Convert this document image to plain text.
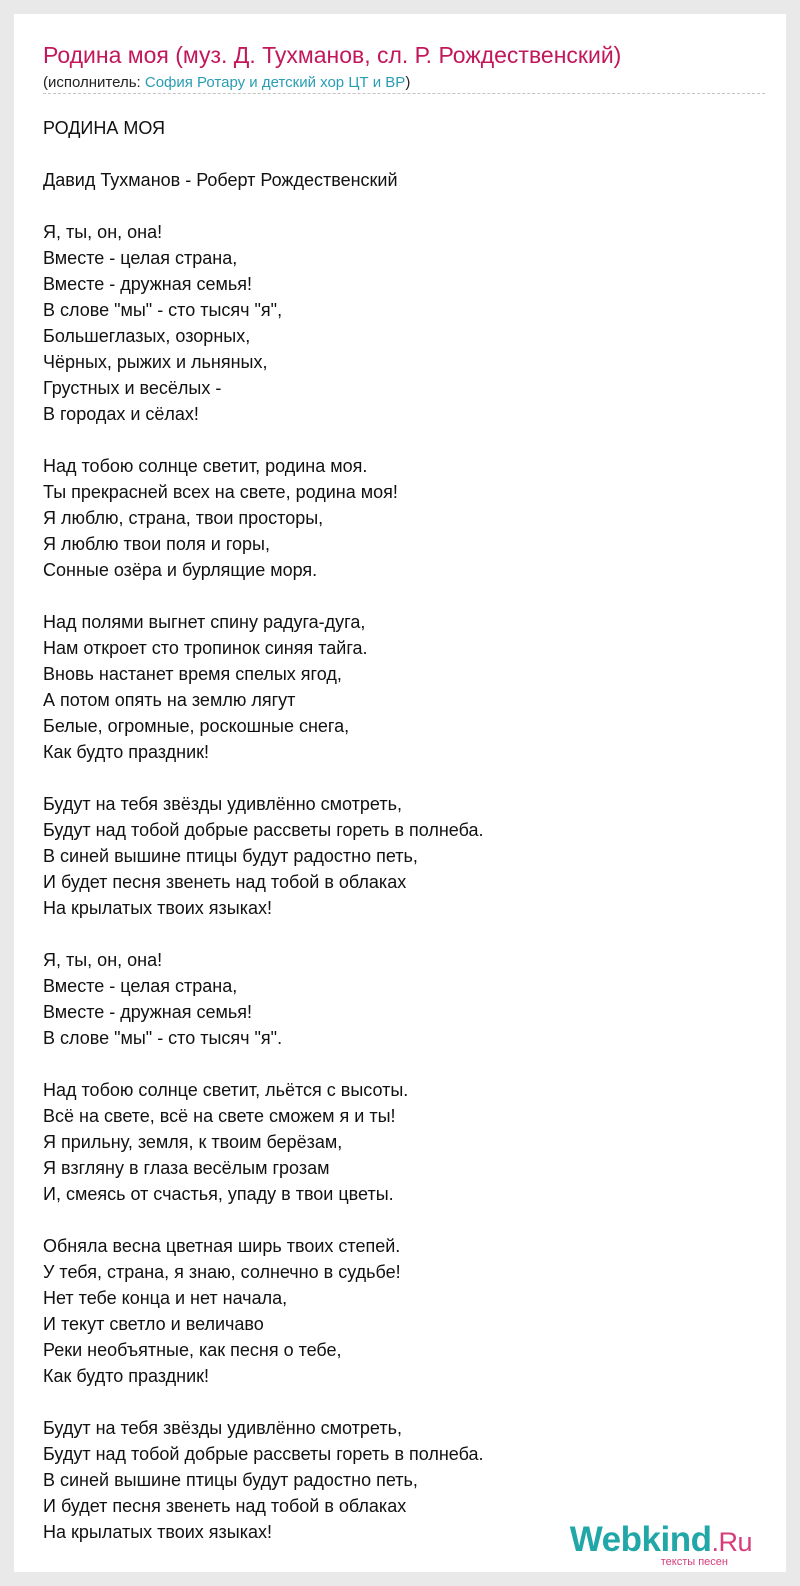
Родина моя (муз. Д. Тухманов, сл. Р. Рождественский)
(исполнитель: София Ротару и детский хор ЦТ и ВР)
РОДИНА МОЯ
Давид Тухманов - Роберт Рождественский
Я, ты, он, она!
Вместе - целая страна,
Вместе - дружная семья!
В слове "мы" - сто тысяч "я",
Большеглазых, озорных,
Чёрных, рыжих и льняных,
Грустных и весёлых -
В городах и сёлах!
Над тобою солнце светит, родина моя.
Ты прекрасней всех на свете, родина моя!
Я люблю, страна, твои просторы,
Я люблю твои поля и горы,
Сонные озёра и бурлящие моря.
Над полями выгнет спину радуга-дуга,
Нам откроет сто тропинок синяя тайга.
Вновь настанет время спелых ягод,
А потом опять на землю лягут
Белые, огромные, роскошные снега,
Как будто праздник!
Будут на тебя звёзды удивлённо смотреть,
Будут над тобой добрые рассветы гореть в полнеба.
В синей вышине птицы будут радостно петь,
И будет песня звенеть над тобой в облаках
На крылатых твоих языках!
Я, ты, он, она!
Вместе - целая страна,
Вместе - дружная семья!
В слове "мы" - сто тысяч "я".
Над тобою солнце светит, льётся с высоты.
Всё на свете, всё на свете сможем я и ты!
Я прильну, земля, к твоим берёзам,
Я взгляну в глаза весёлым грозам
И, смеясь от счастья, упаду в твои цветы.
Обняла весна цветная ширь твоих степей.
У тебя, страна, я знаю, солнечно в судьбе!
Нет тебе конца и нет начала,
И текут светло и величаво
Реки необъятные, как песня о тебе,
Как будто праздник!
Будут на тебя звёзды удивлённо смотреть,
Будут над тобой добрые рассветы гореть в полнеба.
В синей вышине птицы будут радостно петь,
И будет песня звенеть над тобой в облаках
На крылатых твоих языках!	Webkind.Ru
тексты песен
